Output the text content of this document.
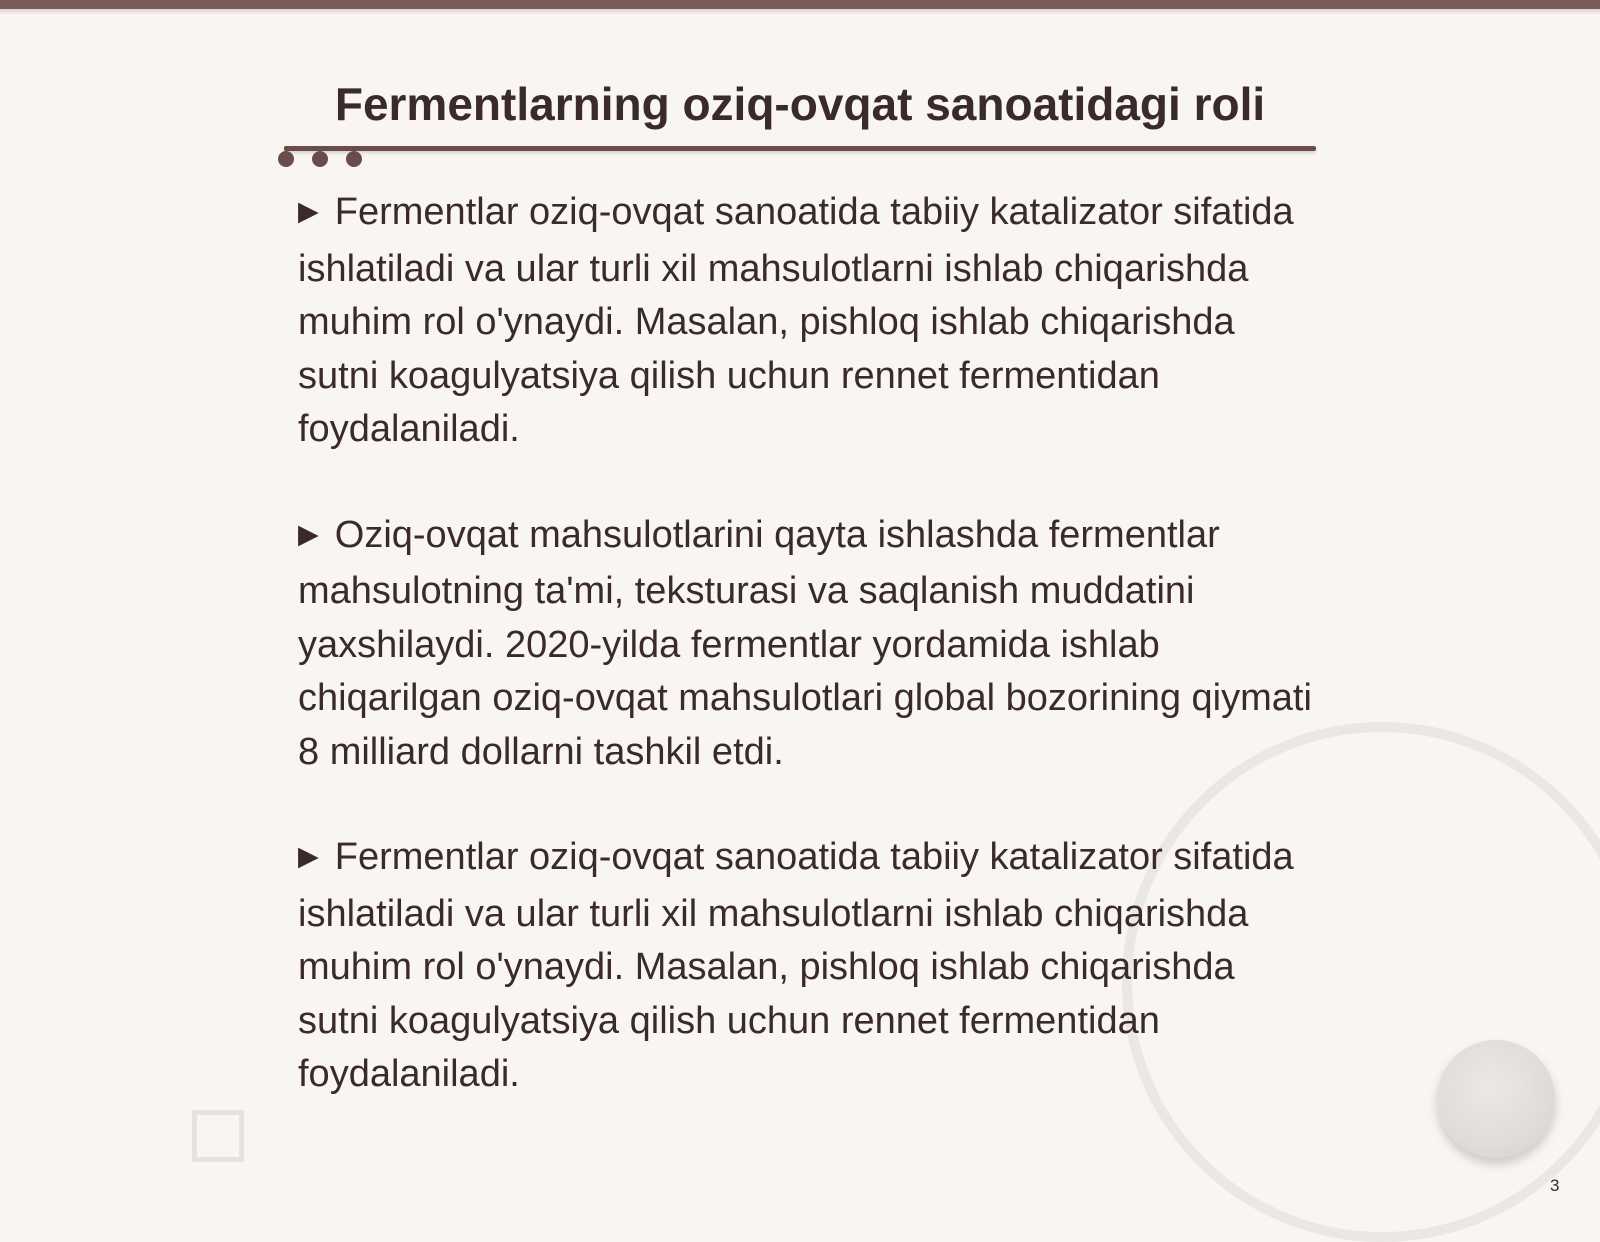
Fermentlarning oziq-ovqat sanoatidagi roli

▶ Fermentlar oziq-ovqat sanoatida tabiiy katalizator sifatida ishlatiladi va ular turli xil mahsulotlarni ishlab chiqarishda muhim rol o'ynaydi. Masalan, pishloq ishlab chiqarishda sutni koagulyatsiya qilish uchun rennet fermentidan foydalaniladi.

▶ Oziq-ovqat mahsulotlarini qayta ishlashda fermentlar mahsulotning ta'mi, teksturasi va saqlanish muddatini yaxshilaydi. 2020-yilda fermentlar yordamida ishlab chiqarilgan oziq-ovqat mahsulotlari global bozorining qiymati 8 milliard dollarni tashkil etdi.

▶ Fermentlar oziq-ovqat sanoatida tabiiy katalizator sifatida ishlatiladi va ular turli xil mahsulotlarni ishlab chiqarishda muhim rol o'ynaydi. Masalan, pishloq ishlab chiqarishda sutni koagulyatsiya qilish uchun rennet fermentidan foydalaniladi.

3
